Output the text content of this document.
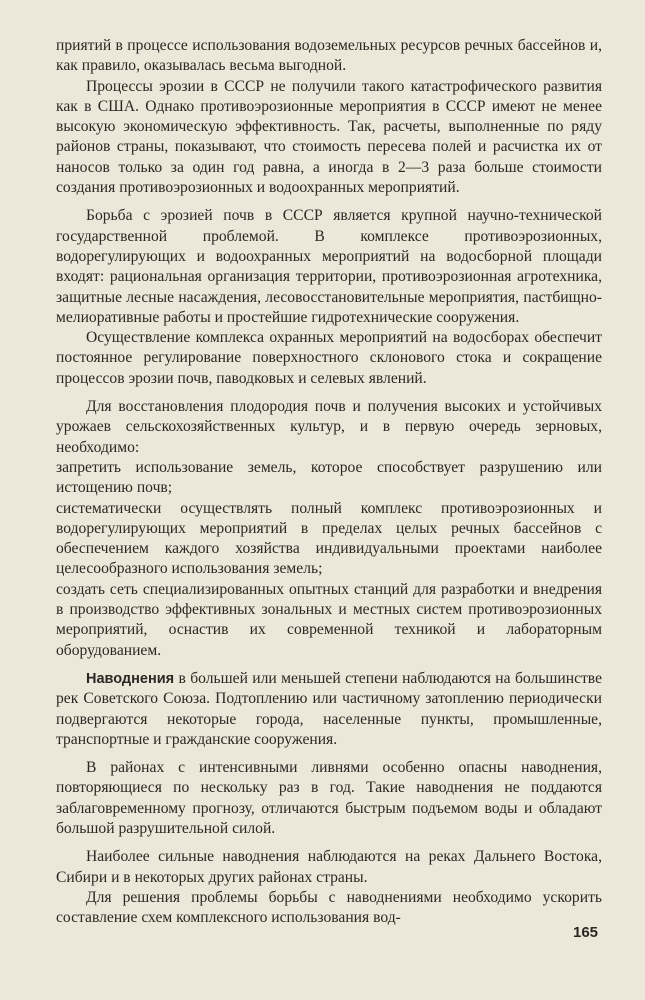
приятий в процессе использования водоземельных ресурсов речных бассейнов и, как правило, оказывалась весьма выгодной.

Процессы эрозии в СССР не получили такого катастрофического развития как в США. Однако противоэрозионные мероприятия в СССР имеют не менее высокую экономическую эффективность. Так, расчеты, выполненные по ряду районов страны, показывают, что стоимость пересева полей и расчистка их от наносов только за один год равна, а иногда в 2—3 раза больше стоимости создания противоэрозионных и водоохранных мероприятий.

Борьба с эрозией почв в СССР является крупной научно-технической государственной проблемой. В комплексе противоэрозионных, водорегулирующих и водоохранных мероприятий на водосборной площади входят: рациональная организация территории, противоэрозионная агротехника, защитные лесные насаждения, лесовосстановительные мероприятия, пастбищно-мелиоративные работы и простейшие гидротехнические сооружения.

Осуществление комплекса охранных мероприятий на водосборах обеспечит постоянное регулирование поверхностного склонового стока и сокращение процессов эрозии почв, паводковых и селевых явлений.

Для восстановления плодородия почв и получения высоких и устойчивых урожаев сельскохозяйственных культур, и в первую очередь зерновых, необходимо:

запретить использование земель, которое способствует разрушению или истощению почв;

систематически осуществлять полный комплекс противоэрозионных и водорегулирующих мероприятий в пределах целых речных бассейнов с обеспечением каждого хозяйства индивидуальными проектами наиболее целесообразного использования земель;

создать сеть специализированных опытных станций для разработки и внедрения в производство эффективных зональных и местных систем противоэрозионных мероприятий, оснастив их современной техникой и лабораторным оборудованием.

Наводнения в большей или меньшей степени наблюдаются на большинстве рек Советского Союза. Подтоплению или частичному затоплению периодически подвергаются некоторые города, населенные пункты, промышленные, транспортные и гражданские сооружения.

В районах с интенсивными ливнями особенно опасны наводнения, повторяющиеся по нескольку раз в год. Такие наводнения не поддаются заблаговременному прогнозу, отличаются быстрым подъемом воды и обладают большой разрушительной силой.

Наиболее сильные наводнения наблюдаются на реках Дальнего Востока, Сибири и в некоторых других районах страны.

Для решения проблемы борьбы с наводнениями необходимо ускорить составление схем комплексного использования вод-

165
